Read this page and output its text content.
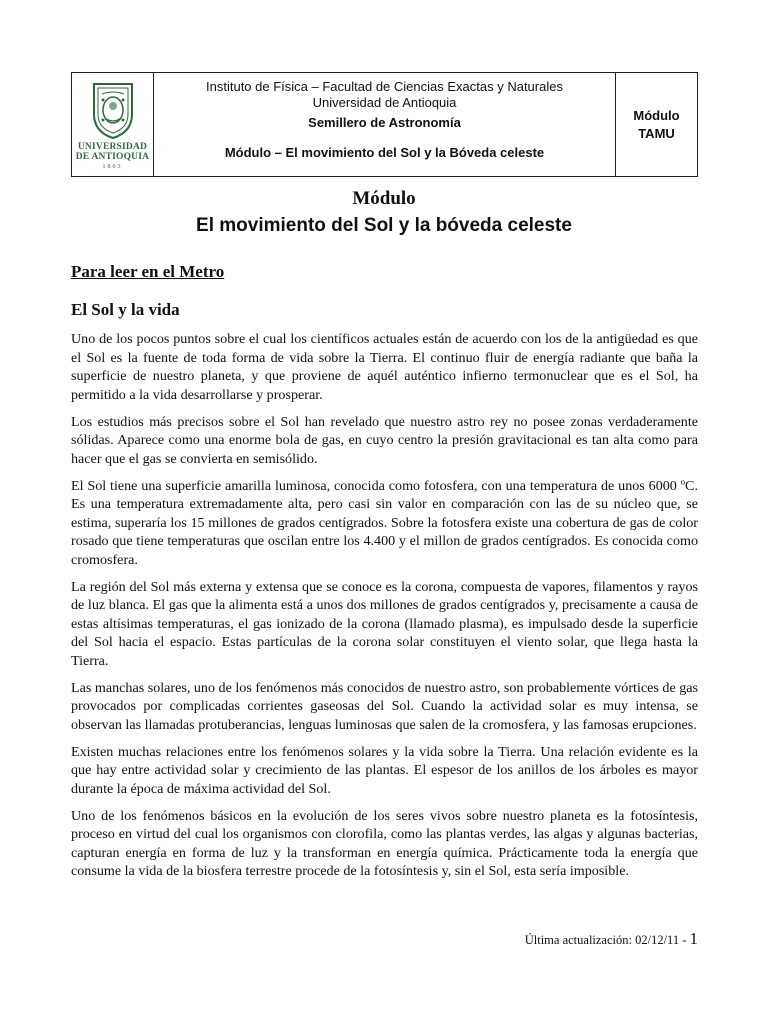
UNIVERSIDAD
DE ANTIOQUIA
1803
Instituto de Física – Facultad de Ciencias Exactas y Naturales
Universidad de Antioquia
Semillero de Astronomía
Módulo – El movimiento del Sol y la Bóveda celeste
Módulo
TAMU
Módulo
El movimiento del Sol y la bóveda celeste
Para leer en el Metro
El Sol y la vida

Uno de los pocos puntos sobre el cual los científicos actuales están de acuerdo con los de la antigüedad es que el Sol es la fuente de toda forma de vida sobre la Tierra. El continuo fluir de energía radiante que baña la superficie de nuestro planeta, y que proviene de aquél auténtico infierno termonuclear que es el Sol, ha permitido a la vida desarrollarse y prosperar.

Los estudios más precisos sobre el Sol han revelado que nuestro astro rey no posee zonas verdaderamente sólidas. Aparece como una enorme bola de gas, en cuyo centro la presión gravitacional es tan alta como para hacer que el gas se convierta en semisólido.

El Sol tiene una superficie amarilla luminosa, conocida como fotosfera, con una temperatura de unos 6000 ºC. Es una temperatura extremadamente alta, pero casi sin valor en comparación con las de su núcleo que, se estima, superaría los 15 millones de grados centígrados. Sobre la fotosfera existe una cobertura de gas de color rosado que tiene temperaturas que oscilan entre los 4.400 y el millon de grados centígrados. Es conocida como cromosfera.

La región del Sol más externa y extensa que se conoce es la corona, compuesta de vapores, filamentos y rayos de luz blanca. El gas que la alimenta está a unos dos millones de grados centígrados y, precisamente a causa de estas altísimas temperaturas, el gas ionizado de la corona (llamado plasma), es impulsado desde la superficie del Sol hacia el espacio. Estas partículas de la corona solar constituyen el viento solar, que llega hasta la Tierra.

Las manchas solares, uno de los fenómenos más conocidos de nuestro astro, son probablemente vórtices de gas provocados por complicadas corrientes gaseosas del Sol. Cuando la actividad solar es muy intensa, se observan las llamadas protuberancias, lenguas luminosas que salen de la cromosfera, y las famosas erupciones.

Existen muchas relaciones entre los fenómenos solares y la vida sobre la Tierra. Una relación evidente es la que hay entre actividad solar y crecimiento de las plantas. El espesor de los anillos de los árboles es mayor durante la época de máxima actividad del Sol.

Uno de los fenómenos básicos en la evolución de los seres vivos sobre nuestro planeta es la fotosíntesis, proceso en virtud del cual los organismos con clorofila, como las plantas verdes, las algas y algunas bacterias, capturan energía en forma de luz y la transforman en energía química. Prácticamente toda la energía que consume la vida de la biosfera terrestre procede de la fotosíntesis y, sin el Sol, esta sería imposible.

Última actualización: 02/12/11 - 1
